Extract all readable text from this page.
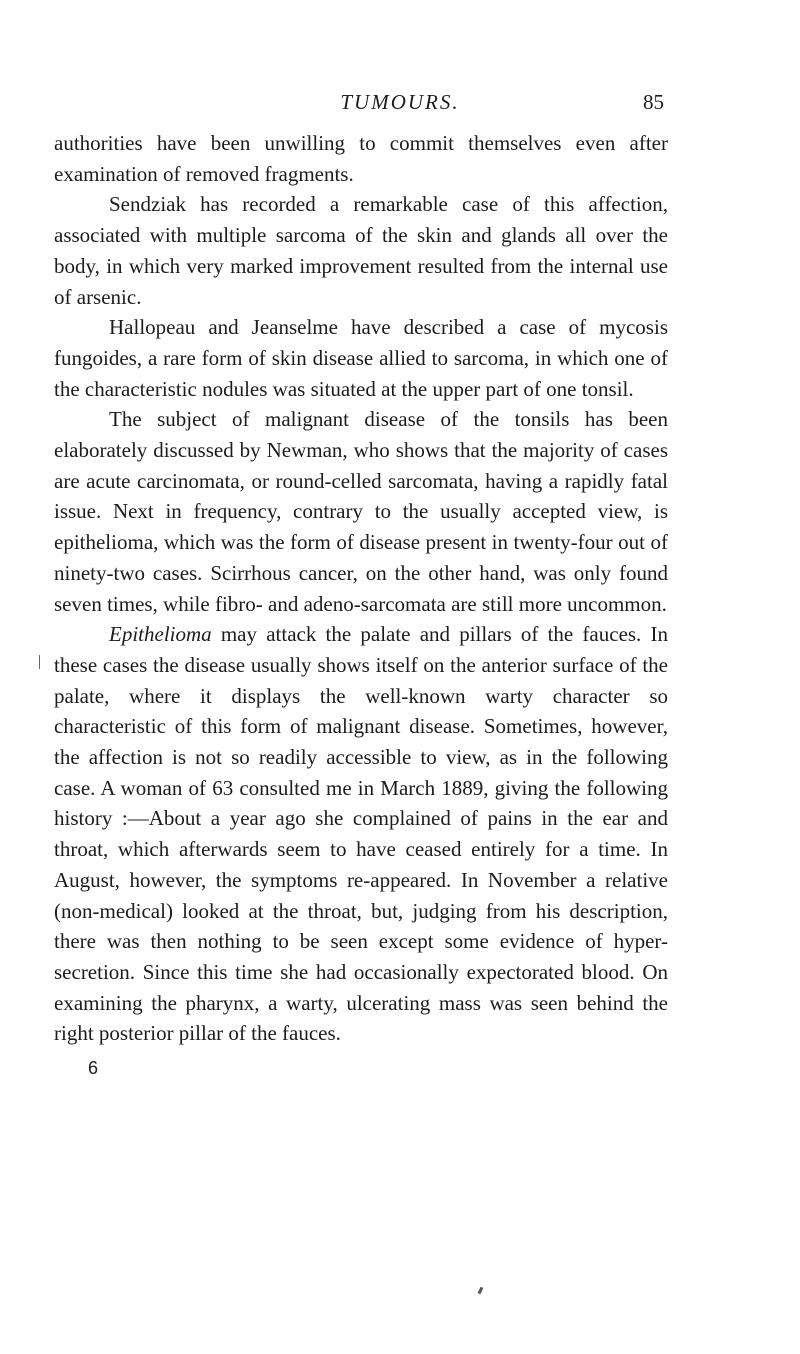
TUMOURS.	85

authorities have been unwilling to commit themselves even after examination of removed fragments.

Sendziak has recorded a remarkable case of this affection, associated with multiple sarcoma of the skin and glands all over the body, in which very marked improvement resulted from the internal use of arsenic.

Hallopeau and Jeanselme have described a case of mycosis fungoides, a rare form of skin disease allied to sarcoma, in which one of the characteristic nodules was situated at the upper part of one tonsil.

The subject of malignant disease of the tonsils has been elaborately discussed by Newman, who shows that the majority of cases are acute carcinomata, or round-celled sarcomata, having a rapidly fatal issue. Next in frequency, contrary to the usually accepted view, is epithelioma, which was the form of disease present in twenty-four out of ninety-two cases. Scirrhous cancer, on the other hand, was only found seven times, while fibro- and adeno-sarcomata are still more uncommon.

Epithelioma may attack the palate and pillars of the fauces. In these cases the disease usually shows itself on the anterior surface of the palate, where it displays the well-known warty character so characteristic of this form of malignant disease. Sometimes, however, the affection is not so readily accessible to view, as in the following case. A woman of 63 consulted me in March 1889, giving the following history :—About a year ago she complained of pains in the ear and throat, which afterwards seem to have ceased entirely for a time. In August, however, the symptoms re-appeared. In November a relative (non-medical) looked at the throat, but, judging from his description, there was then nothing to be seen except some evidence of hyper-secretion. Since this time she had occasionally expectorated blood. On examining the pharynx, a warty, ulcerating mass was seen behind the right posterior pillar of the fauces.

6
